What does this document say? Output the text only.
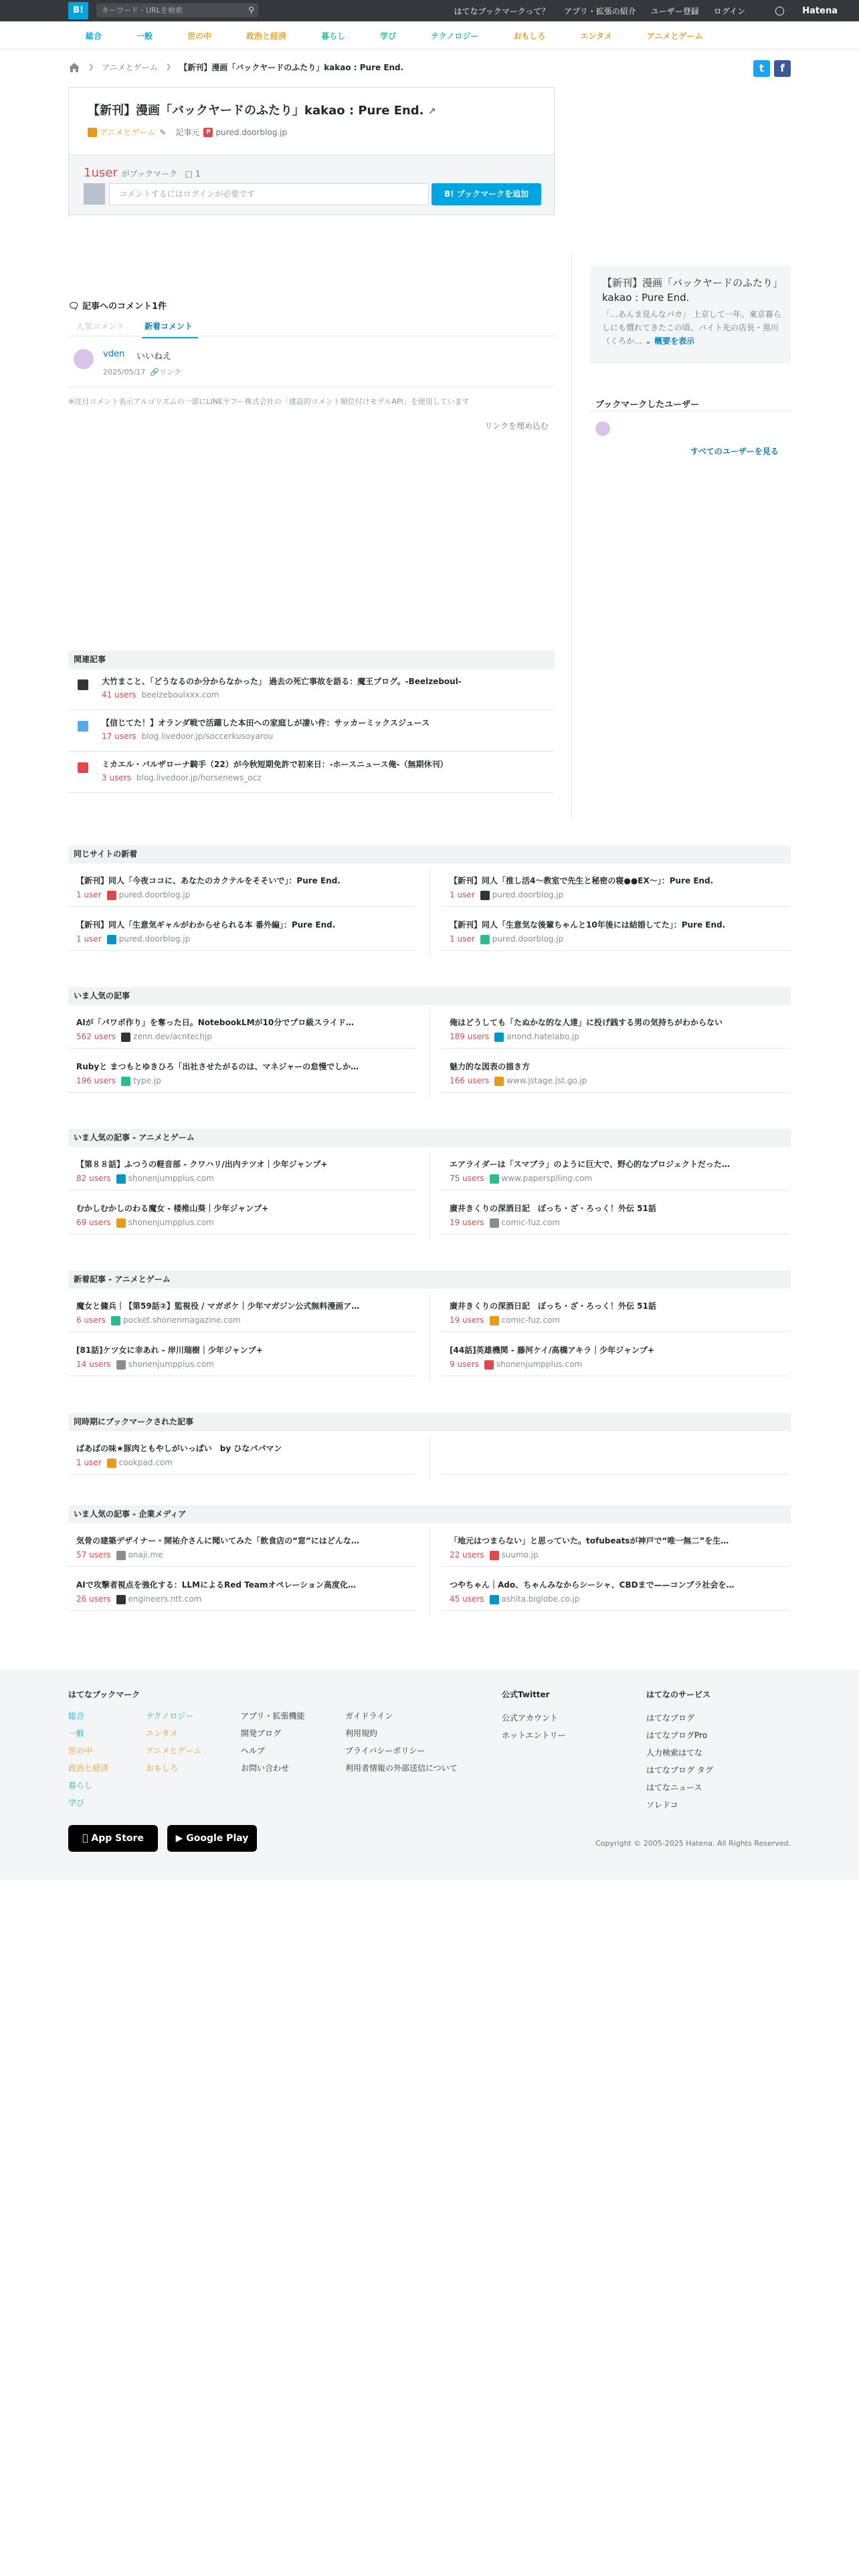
B!	キーワード・URLを検索	⚲	はてなブックマークって？ アプリ・拡張の紹介 ユーザー登録 ログイン	◯ Hatena
総合	一般	世の中	政治と経済	暮らし	学び	テクノロジー	おもしろ	エンタメ	アニメとゲーム
❯ アニメとゲーム ❯ 【新刊】漫画「バックヤードのふたり」kakao : Pure End.	t	f
【新刊】漫画「バックヤードのふたり」kakao : Pure End. ↗
アニメとゲーム ✎ 記事元	P pured.doorblog.jp
1user がブックマーク □ 1
コメントするにはログインが必要です	B! ブックマークを追加
🗨 記事へのコメント1件
人気コメント	新着コメント
vden いいねえ
2025/05/17 🔗リンク
※注目コメント表示アルゴリズムの一部にLINEヤフー株式会社の「建設的コメント順位付けモデルAPI」を使用しています
リンクを埋め込む
【新刊】漫画「バックヤードのふたり」kakao : Pure End.
「…あんま見んなバカ」 上京して一年。東京暮らしにも慣れてきたこの頃、バイト先の店長・黒川（くろか… ⌄ 概要を表示
ブックマークしたユーザー
すべてのユーザーを見る
関連記事
大竹まこと、「どうなるのか分からなかった」 過去の死亡事故を語る：魔王ブログ。-Beelzeboul-
41 users beelzeboulxxx.com
【信じてた！】オランダ戦で活躍した本田への家庭しが凄い件：サッカーミックスジュース
17 users blog.livedoor.jp/soccerkusoyarou
ミカエル・バルザローナ騎手（22）が今秋短期免許で初来日：-ホースニュース俺-（無期休刊）
3 users blog.livedoor.jp/horsenews_ocz
同じサイトの新着
【新刊】同人「今夜ココに、あなたのカクテルをそそいで」：Pure End.
1 user pured.doorblog.jp
【新刊】同人「推し活4〜教室で先生と秘密の寝●●EX〜」：Pure End.
1 user pured.doorblog.jp
【新刊】同人「生意気ギャルがわからせられる本 番外編」：Pure End.
1 user pured.doorblog.jp
【新刊】同人「生意気な後輩ちゃんと10年後には結婚してた」：Pure End.
1 user pured.doorblog.jp
いま人気の記事
AIが「パワポ作り」を奪った日。NotebookLMが10分でプロ級スライド…
562 users zenn.dev/acntechjp
俺はどうしても「たぬかな的な人達」に投げ銭する男の気持ちがわからない
189 users anond.hatelabo.jp
Rubyと まつもとゆきひろ「出社させたがるのは、マネジャーの怠慢でしか…
196 users type.jp
魅力的な図表の描き方
166 users www.jstage.jst.go.jp
いま人気の記事 - アニメとゲーム
【第８８話】ふつうの軽音部 - クワハリ/出内テツオ｜少年ジャンプ+
82 users shonenjumpplus.com
エアライダーは「スマブラ」のように巨大で、野心的なプロジェクトだった…
75 users www.papersplling.com
むかしむかしのわる魔女 - 楼椎山葵｜少年ジャンプ+
69 users shonenjumpplus.com
廣井きくりの深酒日記　ぼっち・ざ・ろっく！外伝 51話
19 users comic-fuz.com
新着記事 - アニメとゲーム
魔女と傭兵｜【第59話②】監視役 / マガポケ｜少年マガジン公式無料漫画ア…
6 users pocket.shonenmagazine.com
廣井きくりの深酒日記　ぼっち・ざ・ろっく！外伝 51話
19 users comic-fuz.com
[81話]ケツ女に幸あれ - 岸川瑞樹｜少年ジャンプ+
14 users shonenjumpplus.com
[44話]英雄機関 - 藤河ケイ/高橋アキラ｜少年ジャンプ+
9 users shonenjumpplus.com
同時期にブックマークされた記事
ばあばの味★豚肉ともやしがいっぱい　by ひなパパマン
1 user cookpad.com
いま人気の記事 - 企業メディア
気骨の建築デザイナー・開祐介さんに聞いてみた「飲食店の“窓”にはどんな…
57 users onaji.me
「地元はつまらない」と思っていた。tofubeatsが神戸で“唯一無二”を生…
22 users suumo.jp
AIで攻撃者視点を強化する：LLMによるRed Teamオペレーション高度化…
26 users engineers.ntt.com
つやちゃん｜Ado、ちゃんみなからシーシャ、CBDまで——コンプラ社会を…
45 users ashita.biglobe.co.jp
はてなブックマーク
総合
一般
世の中
政治と経済
暮らし
学び
テクノロジー
エンタメ
アニメとゲーム
おもしろ
アプリ・拡張機能
開発ブログ
ヘルプ
お問い合わせ
ガイドライン
利用規約
プライバシーポリシー
利用者情報の外部送信について
公式Twitter
公式アカウント
ホットエントリー
はてなのサービス
はてなブログ
はてなブログPro
人力検索はてな
はてなブログ タグ
はてなニュース
ソレドコ
App Store	▶ Google Play	Copyright © 2005-2025 Hatena. All Rights Reserved.
